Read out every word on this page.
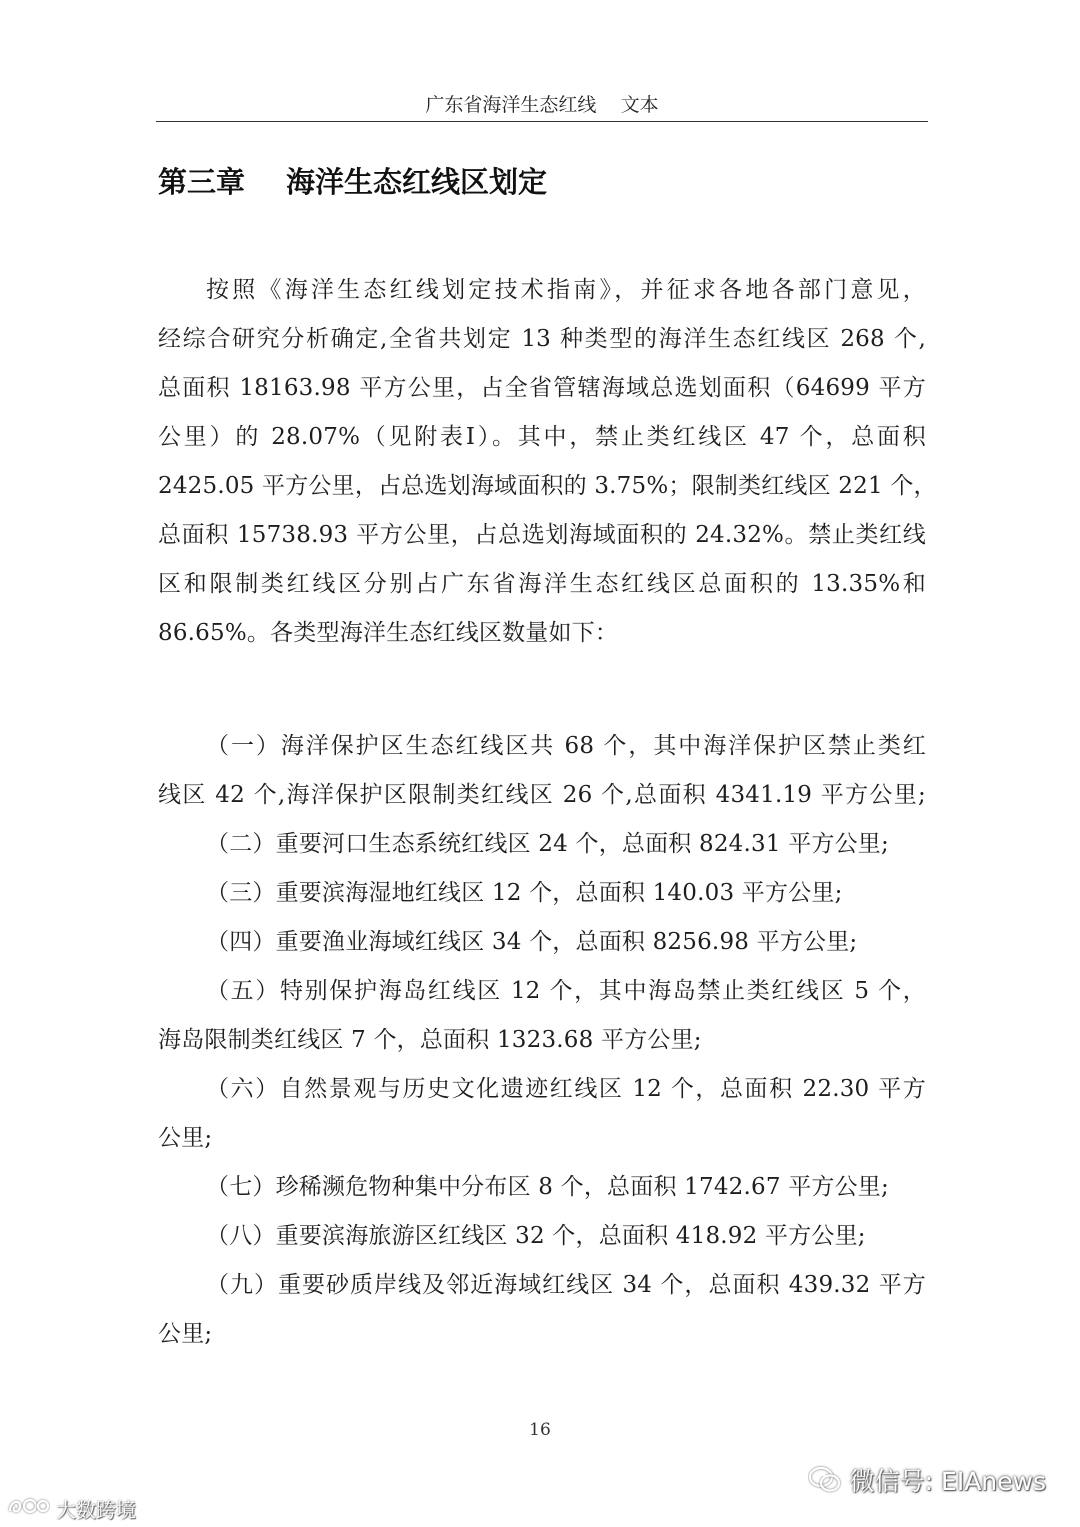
广东省海洋生态红线    文本
第三章 海洋生态红线区划定
按照《海洋生态红线划定技术指南》，并征求各地各部门意见，
经综合研究分析确定,全省共划定 13 种类型的海洋生态红线区 268 个,
总面积 18163.98 平方公里，占全省管辖海域总选划面积（64699 平方
公里）的 28.07%（见附表Ⅰ）。其中，禁止类红线区 47 个，总面积
2425.05 平方公里，占总选划海域面积的 3.75%；限制类红线区 221 个，
总面积 15738.93 平方公里，占总选划海域面积的 24.32%。禁止类红线
区和限制类红线区分别占广东省海洋生态红线区总面积的 13.35%和
86.65%。各类型海洋生态红线区数量如下：
（一）海洋保护区生态红线区共 68 个，其中海洋保护区禁止类红
线区 42 个,海洋保护区限制类红线区 26 个,总面积 4341.19 平方公里;
（二）重要河口生态系统红线区 24 个，总面积 824.31 平方公里;
（三）重要滨海湿地红线区 12 个，总面积 140.03 平方公里;
（四）重要渔业海域红线区 34 个，总面积 8256.98 平方公里;
（五）特别保护海岛红线区 12 个，其中海岛禁止类红线区 5 个，
海岛限制类红线区 7 个，总面积 1323.68 平方公里;
（六）自然景观与历史文化遗迹红线区 12 个，总面积 22.30 平方
公里;
（七）珍稀濒危物种集中分布区 8 个，总面积 1742.67 平方公里;
（八）重要滨海旅游区红线区 32 个，总面积 418.92 平方公里;
（九）重要砂质岸线及邻近海域红线区 34 个，总面积 439.32 平方
公里;
16
微信号: EIAnews
大数跨境
